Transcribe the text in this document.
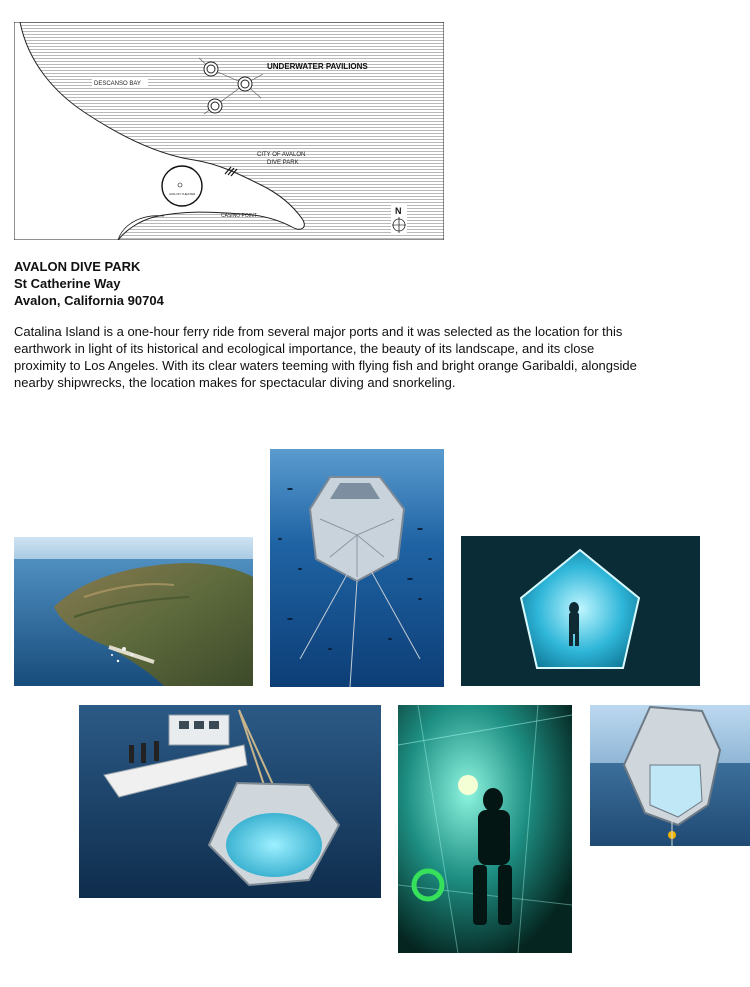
UNDERWATER PAVILIONS
DESCANSO BAY
CITY OF AVALON
DIVE PARK
AVALON THEATER
CASINO POINT	N
AVALON DIVE PARK
St Catherine Way
Avalon, California 90704

Catalina Island is a one-hour ferry ride from several major ports and it was selected as the location for this earthwork in light of its historical and ecological importance, the beauty of its landscape, and its close proximity to Los Angeles. With its clear waters teeming with flying fish and bright orange Garibaldi, alongside nearby shipwrecks, the location makes for spectacular diving and snorkeling.
